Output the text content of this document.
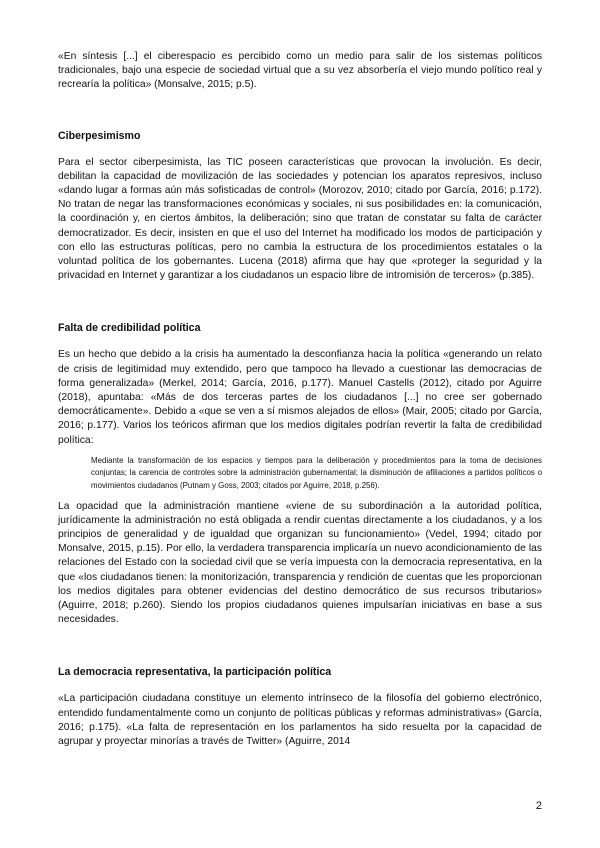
«En síntesis [...] el ciberespacio es percibido como un medio para salir de los sistemas políticos tradicionales, bajo una especie de sociedad virtual que a su vez absorbería el viejo mundo político real y recrearía la política» (Monsalve, 2015; p.5).

Ciberpesimismo

Para el sector ciberpesimista, las TIC poseen características que provocan la involución. Es decir, debilitan la capacidad de movilización de las sociedades y potencian los aparatos represivos, incluso «dando lugar a formas aún más sofisticadas de control» (Morozov, 2010; citado por García, 2016; p.172). No tratan de negar las transformaciones económicas y sociales, ni sus posibilidades en: la comunicación, la coordinación y, en ciertos ámbitos, la deliberación; sino que tratan de constatar su falta de carácter democratizador. Es decir, insisten en que el uso del Internet ha modificado los modos de participación y con ello las estructuras políticas, pero no cambia la estructura de los procedimientos estatales o la voluntad política de los gobernantes. Lucena (2018) afirma que hay que «proteger la seguridad y la privacidad en Internet y garantizar a los ciudadanos un espacio libre de intromisión de terceros» (p.385).

Falta de credibilidad política

Es un hecho que debido a la crisis ha aumentado la desconfianza hacia la política «generando un relato de crisis de legitimidad muy extendido, pero que tampoco ha llevado a cuestionar las democracias de forma generalizada» (Merkel, 2014; García, 2016, p.177). Manuel Castells (2012), citado por Aguirre (2018), apuntaba: «Más de dos terceras partes de los ciudadanos [...] no cree ser gobernado democráticamente». Debido a «que se ven a sí mismos alejados de ellos» (Mair, 2005; citado por García, 2016; p.177). Varios los teóricos afirman que los medios digitales podrían revertir la falta de credibilidad política:

Mediante la transformación de los espacios y tiempos para la deliberación y procedimientos para la toma de decisiones conjuntas; la carencia de controles sobre la administración gubernamental; la disminución de afiliaciones a partidos políticos o movimientos ciudadanos (Putnam y Goss, 2003; citados por Aguirre, 2018, p.256).

La opacidad que la administración mantiene «viene de su subordinación a la autoridad política, jurídicamente la administración no está obligada a rendir cuentas directamente a los ciudadanos, y a los principios de generalidad y de igualdad que organizan su funcionamiento» (Vedel, 1994; citado por Monsalve, 2015, p.15). Por ello, la verdadera transparencia implicaría un nuevo acondicionamiento de las relaciones del Estado con la sociedad civil que se vería impuesta con la democracia representativa, en la que «los ciudadanos tienen: la monitorización, transparencia y rendición de cuentas que les proporcionan los medios digitales para obtener evidencias del destino democrático de sus recursos tributarios» (Aguirre, 2018; p.260). Siendo los propios ciudadanos quienes impulsarían iniciativas en base a sus necesidades.

La democracia representativa, la participación política

«La participación ciudadana constituye un elemento intrínseco de la filosofía del gobierno electrónico, entendido fundamentalmente como un conjunto de políticas públicas y reformas administrativas» (García, 2016; p.175). «La falta de representación en los parlamentos ha sido resuelta por la capacidad de agrupar y proyectar minorías a través de Twitter» (Aguirre, 2014

2
